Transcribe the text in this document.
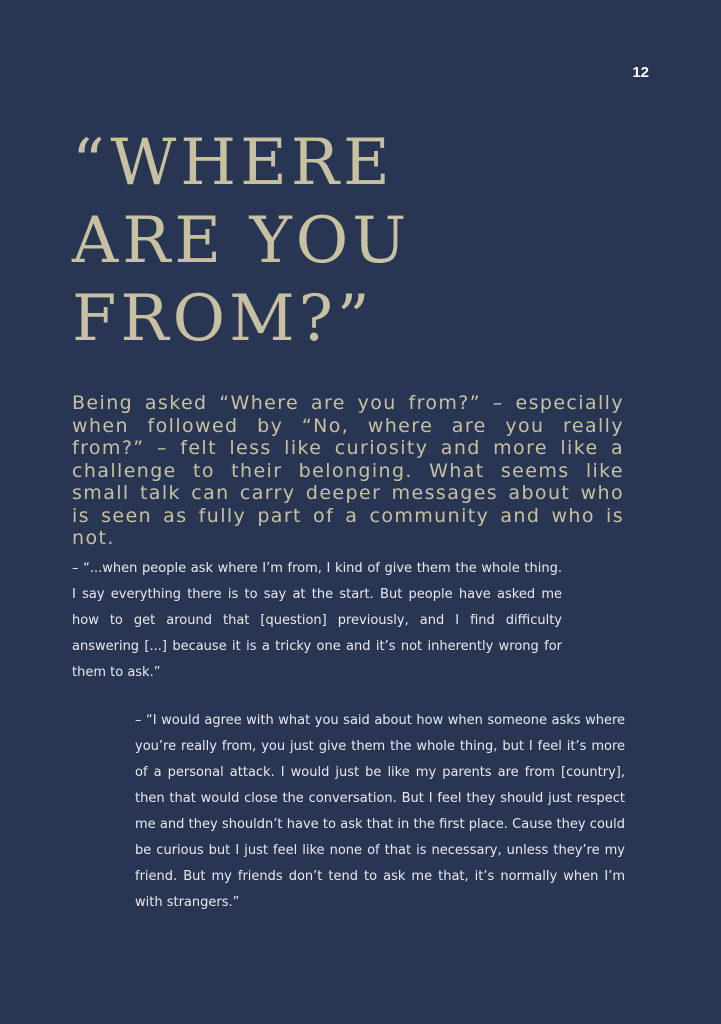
12
“WHERE
ARE YOU
FROM?”

Being asked “Where are you from?” – especially when followed by “No, where are you really from?” – felt less like curiosity and more like a challenge to their belonging. What seems like small talk can carry deeper messages about who is seen as fully part of a community and who is not.

– “...when people ask where I’m from, I kind of give them the whole thing. I say everything there is to say at the start. But people have asked me how to get around that [question] previously, and I find difficulty answering [...] because it is a tricky one and it’s not inherently wrong for them to ask.”

– “I would agree with what you said about how when someone asks where you’re really from, you just give them the whole thing, but I feel it’s more of a personal attack. I would just be like my parents are from [country], then that would close the conversation. But I feel they should just respect me and they shouldn’t have to ask that in the first place. Cause they could be curious but I just feel like none of that is necessary, unless they’re my friend. But my friends don’t tend to ask me that, it’s normally when I’m with strangers.”
